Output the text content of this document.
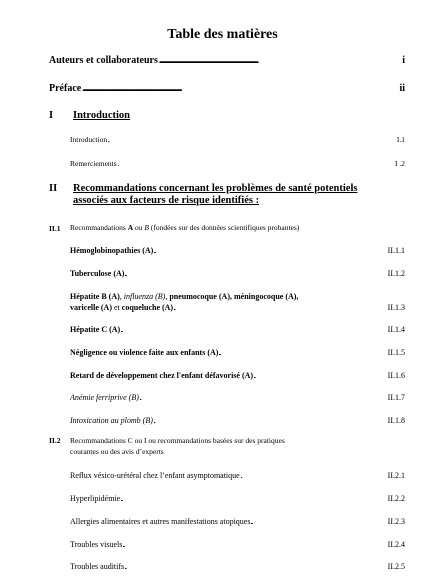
Table des matières
Auteurs et collaborateurs . . .	i
Préface . . .	ii
I Introduction
Introduction . . .	I.1
Remerciements . . .	I .2
II Recommandations concernant les problèmes de santé potentiels
associés aux facteurs de risque identifiés :
II.1 Recommandations A ou B (fondées sur des données scientifiques probantes)
Hémoglobinopathies (A) . . .	II.1.1
Tuberculose (A) . . .	II.1.2
Hépatite B (A), influenza (B), pneumocoque (A), méningocoque (A),
varicelle (A) et coqueluche (A) . . .	II.1.3
Hépatite C (A) . . .	II.1.4
Négligence ou violence faite aux enfants (A) . . .	II.1.5
Retard de développement chez l'enfant défavorisé (A) . . .	II.1.6
Anémie ferriprive (B) . . .	II.1.7
Intoxication au plomb (B) . . .	II.1.8
II.2 Recommandations C ou I ou recommandations basées sur des pratiques
courantes ou des avis d’experts
Reflux vésico-urétéral chez l’enfant asymptomatique . . .	II.2.1
Hyperlipidémie . . .	II.2.2
Allergies alimentaires et autres manifestations atopiques . . .	II.2.3
Troubles visuels . . .	II.2.4
Troubles auditifs . . .	II.2.5
